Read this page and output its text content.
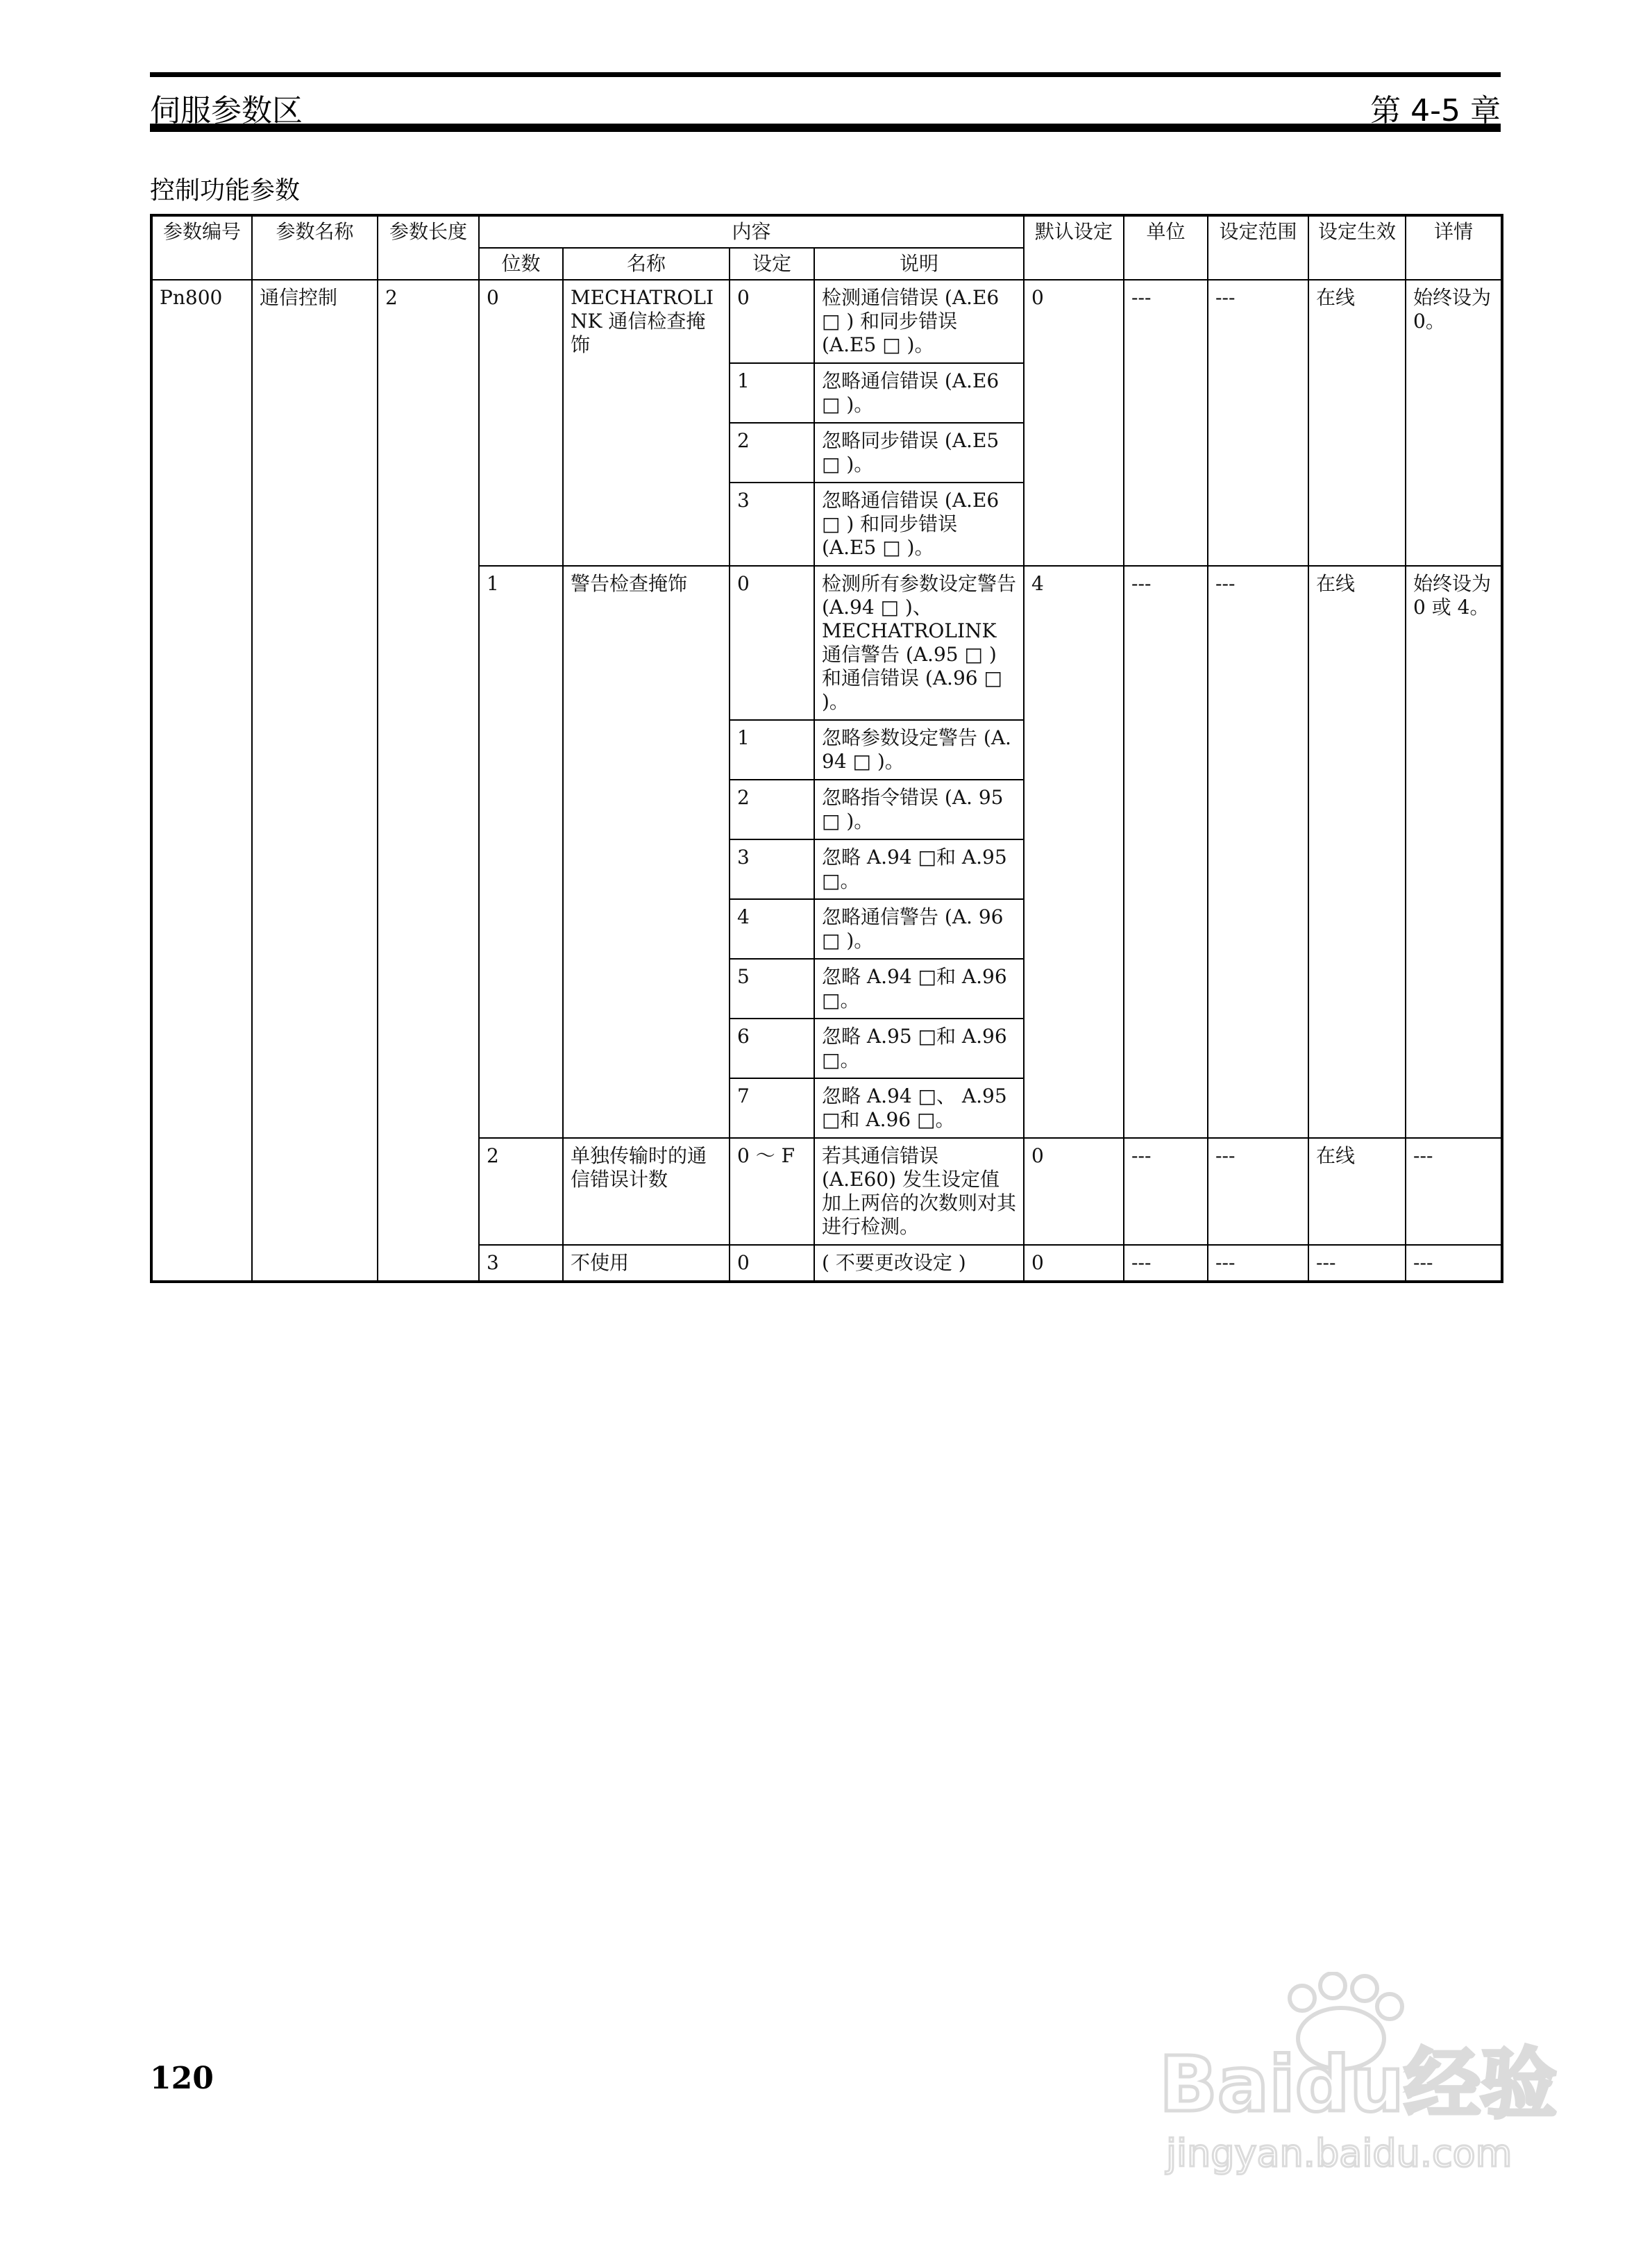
伺服参数区	第 4-5 章
控制功能参数
参数编号	参数名称	参数长度	内容				默认设定	单位	设定范围	设定生效	详情
			位数	名称	设定	说明					
Pn800	通信控制	2	0	MECHATROLINK 通信检查掩饰	0	检测通信错误 (A.E6 □ ) 和同步错误 (A.E5 □ )。	0	---	---	在线	始终设为 0。
					1	忽略通信错误 (A.E6 □ )。					
					2	忽略同步错误 (A.E5 □ )。					
					3	忽略通信错误 (A.E6 □ ) 和同步错误 (A.E5 □ )。					
			1	警告检查掩饰	0	检测所有参数设定警告 (A.94 □ )、MECHATROLINK 通信警告 (A.95 □ ) 和通信错误 (A.96 □ )。	4	---	---	在线	始终设为 0 或 4。
					1	忽略参数设定警告 (A. 94 □ )。					
					2	忽略指令错误 (A. 95 □ )。					
					3	忽略 A.94 □和 A.95 □。					
					4	忽略通信警告 (A. 96 □ )。					
					5	忽略 A.94 □和 A.96 □。					
					6	忽略 A.95 □和 A.96 □。					
					7	忽略 A.94 □、 A.95 □和 A.96 □。					
			2	单独传输时的通信错误计数	0 ～ F	若其通信错误 (A.E60) 发生设定值加上两倍的次数则对其进行检测。	0	---	---	在线	---
			3	不使用	0	( 不要更改设定 )	0	---	---	---	---
120	Baidu经验
jingyan.baidu.com
